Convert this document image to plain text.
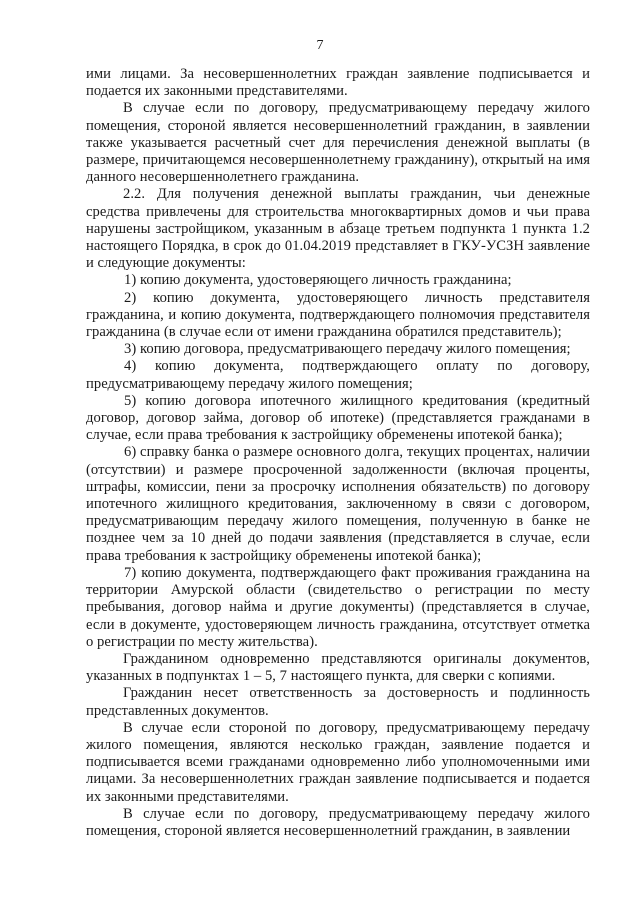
7

ими лицами. За несовершеннолетних граждан заявление подписывается и подается их законными представителями.

В случае если по договору, предусматривающему передачу жилого помещения, стороной является несовершеннолетний гражданин, в заявлении также указывается расчетный счет для перечисления денежной выплаты (в размере, причитающемся несовершеннолетнему гражданину), открытый на имя данного несовершеннолетнего гражданина.

2.2. Для получения денежной выплаты гражданин, чьи денежные средства привлечены для строительства многоквартирных домов и чьи права нарушены застройщиком, указанным в абзаце третьем подпункта 1 пункта 1.2 настоящего Порядка, в срок до 01.04.2019 представляет в ГКУ-УСЗН заявление и следующие документы:

1) копию документа, удостоверяющего личность гражданина;

2) копию документа, удостоверяющего личность представителя гражданина, и копию документа, подтверждающего полномочия представителя гражданина (в случае если от имени гражданина обратился представитель);

3) копию договора, предусматривающего передачу жилого помещения;

4) копию документа, подтверждающего оплату по договору, предусматривающему передачу жилого помещения;

5) копию договора ипотечного жилищного кредитования (кредитный договор, договор займа, договор об ипотеке) (представляется гражданами в случае, если права требования к застройщику обременены ипотекой банка);

6) справку банка о размере основного долга, текущих процентах, наличии (отсутствии) и размере просроченной задолженности (включая проценты, штрафы, комиссии, пени за просрочку исполнения обязательств) по договору ипотечного жилищного кредитования, заключенному в связи с договором, предусматривающим передачу жилого помещения, полученную в банке не позднее чем за 10 дней до подачи заявления (представляется в случае, если права требования к застройщику обременены ипотекой банка);

7) копию документа, подтверждающего факт проживания гражданина на территории Амурской области (свидетельство о регистрации по месту пребывания, договор найма и другие документы) (представляется в случае, если в документе, удостоверяющем личность гражданина, отсутствует отметка о регистрации по месту жительства).

Гражданином одновременно представляются оригиналы документов, указанных в подпунктах 1 – 5, 7 настоящего пункта, для сверки с копиями.

Гражданин несет ответственность за достоверность и подлинность представленных документов.

В случае если стороной по договору, предусматривающему передачу жилого помещения, являются несколько граждан, заявление подается и подписывается всеми гражданами одновременно либо уполномоченными ими лицами. За несовершеннолетних граждан заявление подписывается и подается их законными представителями.

В случае если по договору, предусматривающему передачу жилого помещения, стороной является несовершеннолетний гражданин, в заявлении
